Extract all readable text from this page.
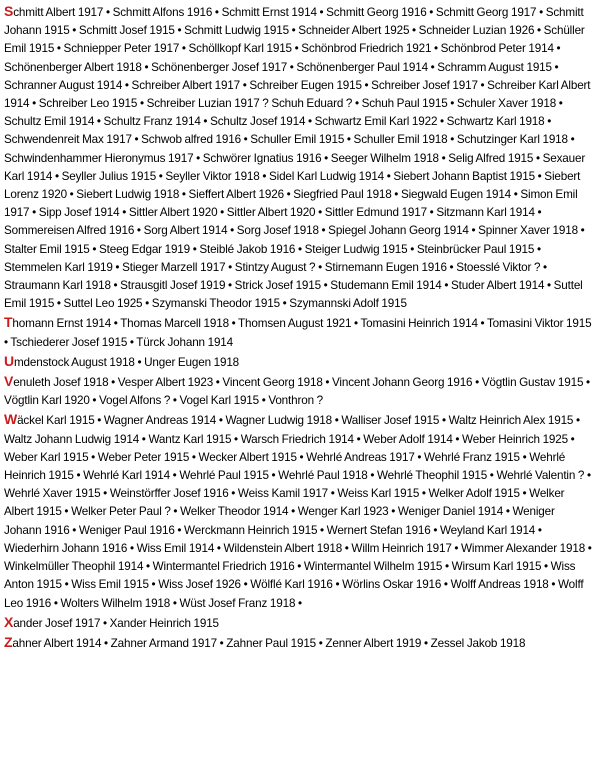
Schmitt Albert 1917 • Schmitt Alfons 1916 • Schmitt Ernst 1914 • Schmitt Georg 1916 • Schmitt Georg 1917 • Schmitt Johann 1915 • Schmitt Josef 1915 • Schmitt Ludwig 1915 • Schneider Albert 1925 • Schneider Luzian 1926 • Schüller Emil 1915 • Schniepper Peter 1917 • Schöllkopf Karl 1915 • Schönbrod Friedrich 1921 • Schönbrod Peter 1914 • Schönenberger Albert 1918 • Schönenberger Josef 1917 • Schönenberger Paul 1914 • Schramm August 1915 • Schranner August 1914 • Schreiber Albert 1917 • Schreiber Eugen 1915 • Schreiber Josef 1917 • Schreiber Karl Albert 1914 • Schreiber Leo 1915 • Schreiber Luzian 1917 ? Schuh Eduard ? • Schuh Paul 1915 • Schuler Xaver 1918 • Schultz Emil 1914 • Schultz Franz 1914 • Schultz Josef 1914 • Schwartz Emil Karl 1922 • Schwartz Karl 1918 • Schwendenreit Max 1917 • Schwob alfred 1916 • Schuller Emil 1915 • Schuller Emil 1918 • Schutzinger Karl 1918 • Schwindenhammer Hieronymus 1917 • Schwörer Ignatius 1916 • Seeger Wilhelm 1918 • Selig Alfred 1915 • Sexauer Karl 1914 • Seyller Julius 1915 • Seyller Viktor 1918 • Sidel Karl Ludwig 1914 • Siebert Johann Baptist 1915 • Siebert Lorenz 1920 • Siebert Ludwig 1918 • Sieffert Albert 1926 • Siegfried Paul 1918 • Siegwald Eugen 1914 • Simon Emil 1917 • Sipp Josef 1914 • Sittler Albert 1920 • Sittler Albert 1920 • Sittler Edmund 1917 • Sitzmann Karl 1914 • Sommereisen Alfred 1916 • Sorg Albert 1914 • Sorg Josef 1918 • Spiegel Johann Georg 1914 • Spinner Xaver 1918 • Stalter Emil 1915 • Steeg Edgar 1919 • Steiblé Jakob 1916 • Steiger Ludwig 1915 • Steinbrücker Paul 1915 • Stemmelen Karl 1919 • Stieger Marzell 1917 • Stintzy August ? • Stirnemann Eugen 1916 • Stoesslé Viktor ? • Straumann Karl 1918 • Strausgitl Josef 1919 • Strick Josef 1915 • Studemann Emil 1914 • Studer Albert 1914 • Suttel Emil 1915 • Suttel Leo 1925 • Szymanski Theodor 1915 • Szymannski Adolf 1915

Thomann Ernst 1914 • Thomas Marcell 1918 • Thomsen August 1921 • Tomasini Heinrich 1914 • Tomasini Viktor 1915 • Tschiederer Josef 1915 • Türck Johann 1914

Umdenstock August 1918 • Unger Eugen 1918

Venuleth Josef 1918 • Vesper Albert 1923 • Vincent Georg 1918 • Vincent Johann Georg 1916 • Vögtlin Gustav 1915 • Vögtlin Karl 1920 • Vogel Alfons ? • Vogel Karl 1915 • Vonthron ?

Wäckel Karl 1915 • Wagner Andreas 1914 • Wagner Ludwig 1918 • Walliser Josef 1915 • Waltz Heinrich Alex 1915 • Waltz Johann Ludwig 1914 • Wantz Karl 1915 • Warsch Friedrich 1914 • Weber Adolf 1914 • Weber Heinrich 1925 • Weber Karl 1915 • Weber Peter 1915 • Wecker Albert 1915 • Wehrlé Andreas 1917 • Wehrlé Franz 1915 • Wehrlé Heinrich 1915 • Wehrlé Karl 1914 • Wehrlé Paul 1915 • Wehrlé Paul 1918 • Wehrlé Theophil 1915 • Wehrlé Valentin ? • Wehrlé Xaver 1915 • Weinstörffer Josef 1916 • Weiss Kamil 1917 • Weiss Karl 1915 • Welker Adolf 1915 • Welker Albert 1915 • Welker Peter Paul ? • Welker Theodor 1914 • Wenger Karl 1923 • Weniger Daniel 1914 • Weniger Johann 1916 • Weniger Paul 1916 • Werckmann Heinrich 1915 • Wernert Stefan 1916 • Weyland Karl 1914 • Wiederhirn Johann 1916 • Wiss Emil 1914 • Wildenstein Albert 1918 • Willm Heinrich 1917 • Wimmer Alexander 1918 • Winkelmüller Theophil 1914 • Wintermantel Friedrich 1916 • Wintermantel Wilhelm 1915 • Wirsum Karl 1915 • Wiss Anton 1915 • Wiss Emil 1915 • Wiss Josef 1926 • Wölflé Karl 1916 • Wörlins Oskar 1916 • Wolff Andreas 1918 • Wolff Leo 1916 • Wolters Wilhelm 1918 • Wüst Josef Franz 1918 •

Xander Josef 1917 • Xander Heinrich 1915

Zahner Albert 1914 • Zahner Armand 1917 • Zahner Paul 1915 • Zenner Albert 1919 • Zessel Jakob 1918
